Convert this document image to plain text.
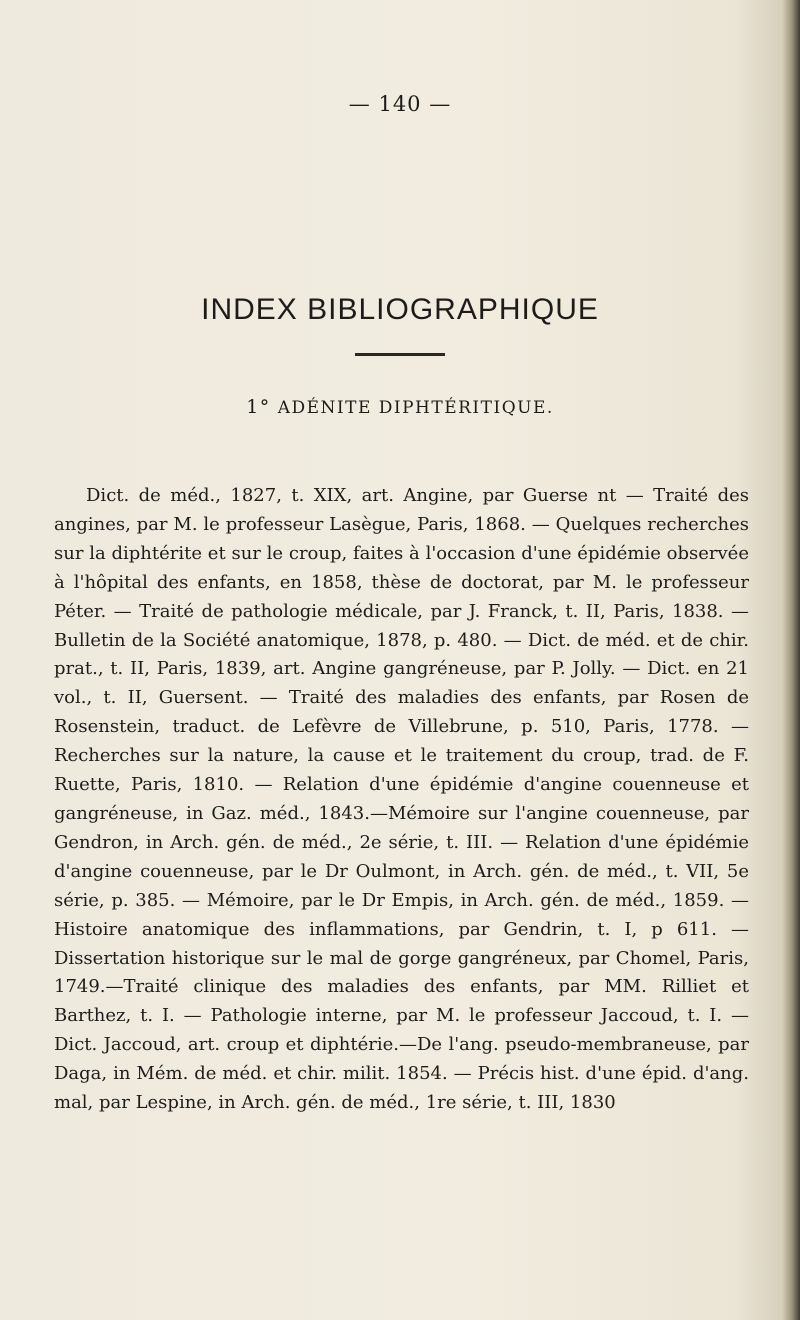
— 140 —
INDEX BIBLIOGRAPHIQUE
1° ADÉNITE DIPHTÉRITIQUE.

Dict. de méd., 1827, t. XIX, art. Angine, par Guerse nt — Traité des angines, par M. le professeur Lasègue, Paris, 1868. — Quelques recherches sur la diphtérite et sur le croup, faites à l'occasion d'une épidémie observée à l'hôpital des enfants, en 1858, thèse de doctorat, par M. le professeur Péter. — Traité de pathologie médicale, par J. Franck, t. II, Paris, 1838. — Bulletin de la Société anatomique, 1878, p. 480. — Dict. de méd. et de chir. prat., t. II, Paris, 1839, art. Angine gangréneuse, par P. Jolly. — Dict. en 21 vol., t. II, Guersent. — Traité des maladies des enfants, par Rosen de Rosenstein, traduct. de Lefèvre de Villebrune, p. 510, Paris, 1778. — Recherches sur la nature, la cause et le traitement du croup, trad. de F. Ruette, Paris, 1810. — Relation d'une épidémie d'angine couenneuse et gangréneuse, in Gaz. méd., 1843.—Mémoire sur l'angine couenneuse, par Gendron, in Arch. gén. de méd., 2e série, t. III. — Relation d'une épidémie d'angine couenneuse, par le Dr Oulmont, in Arch. gén. de méd., t. VII, 5e série, p. 385. — Mémoire, par le Dr Empis, in Arch. gén. de méd., 1859. —Histoire anatomique des inflammations, par Gendrin, t. I, p 611. — Dissertation historique sur le mal de gorge gangréneux, par Chomel, Paris, 1749.—Traité clinique des maladies des enfants, par MM. Rilliet et Barthez, t. I. — Pathologie interne, par M. le professeur Jaccoud, t. I. — Dict. Jaccoud, art. croup et diphtérie.—De l'ang. pseudo-membraneuse, par Daga, in Mém. de méd. et chir. milit. 1854. — Précis hist. d'une épid. d'ang. mal, par Lespine, in Arch. gén. de méd., 1re série, t. III, 1830
